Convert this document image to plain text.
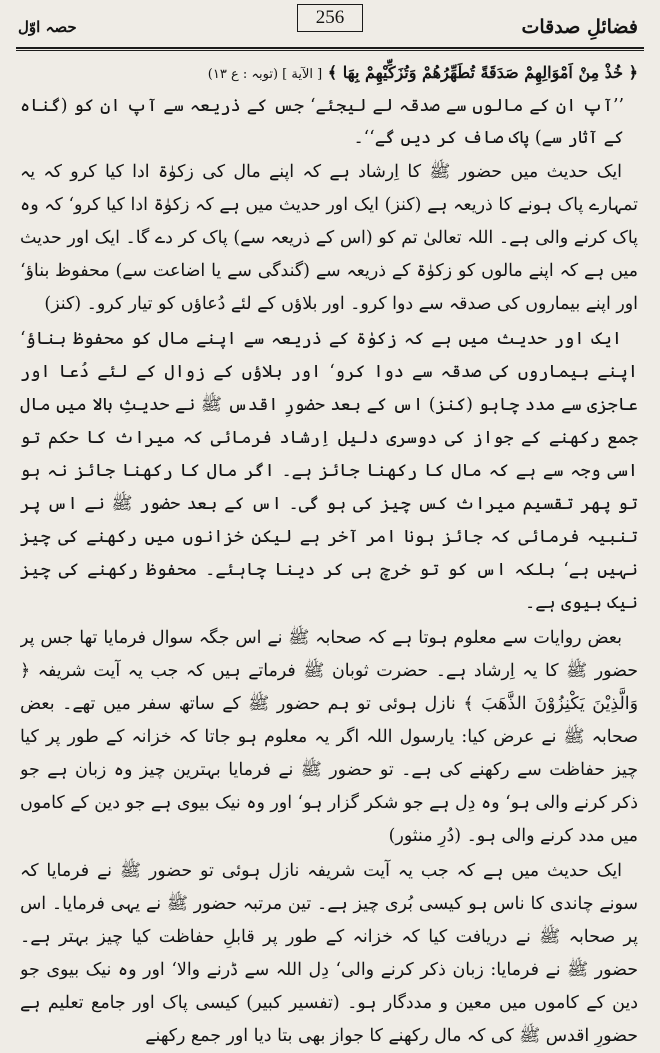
فضائلِ صدقات
حصہ اوّل	256

﴿ خُذْ مِنْ اَمْوَالِهِمْ صَدَقَةً تُطَهِّرُهُمْ وَتُزَكِّيْهِمْ بِهَا ﴾ [ الآية ] (توبہ : ع ١٣)

’’آپ ان کے مالوں سے صدقہ لے لیجئے‘ جس کے ذریعہ سے آپ ان کو (گناہ کے آثار سے) پاک صاف کر دیں گے‘‘۔

ایک حدیث میں حضور ﷺ کا اِرشاد ہے کہ اپنے مال کی زکوٰۃ ادا کیا کرو کہ یہ تمہارے پاک ہونے کا ذریعہ ہے (کنز) ایک اور حدیث میں ہے کہ زکوٰۃ ادا کیا کرو‘ کہ وہ پاک کرنے والی ہے۔ اللہ تعالیٰ تم کو (اس کے ذریعہ سے) پاک کر دے گا۔ ایک اور حدیث میں ہے کہ اپنے مالوں کو زکوٰۃ کے ذریعہ سے (گندگی سے یا اضاعت سے) محفوظ بناؤ‘ اور اپنے بیماروں کی صدقہ سے دوا کرو۔ اور بلاؤں کے لئے دُعاؤں کو تیار کرو۔ (کنز)

ایک اور حدیث میں ہے کہ زکوٰۃ کے ذریعہ سے اپنے مال کو محفوظ بناؤ‘ اپنے بیماروں کی صدقہ سے دوا کرو‘ اور بلاؤں کے زوال کے لئے دُعا اور عاجزی سے مدد چاہو (کنز) اس کے بعد حضورِ اقدس ﷺ نے حدیثِ بالا میں مال جمع رکھنے کے جواز کی دوسری دلیل اِرشاد فرمائی کہ میراث کا حکم تو اسی وجہ سے ہے کہ مال کا رکھنا جائز ہے۔ اگر مال کا رکھنا جائز نہ ہو تو پھر تقسیم میراث کس چیز کی ہو گی۔ اس کے بعد حضور ﷺ نے اس پر تنبیہ فرمائی کہ جائز ہونا امر آخر ہے لیکن خزانوں میں رکھنے کی چیز نہیں ہے‘ بلکہ اس کو تو خرچ ہی کر دینا چاہئے۔ محفوظ رکھنے کی چیز نیک بیوی ہے۔

بعض روایات سے معلوم ہوتا ہے کہ صحابہ ﷺ نے اس جگہ سوال فرمایا تھا جس پر حضور ﷺ کا یہ اِرشاد ہے۔ حضرت ثوبان ﷺ فرماتے ہیں کہ جب یہ آیت شریفہ ﴿ وَالَّذِيْنَ يَكْنِزُوْنَ الذَّهَبَ ﴾ نازل ہوئی تو ہم حضور ﷺ کے ساتھ سفر میں تھے۔ بعض صحابہ ﷺ نے عرض کیا: یارسول اللہ اگر یہ معلوم ہو جاتا کہ خزانہ کے طور پر کیا چیز حفاظت سے رکھنے کی ہے۔ تو حضور ﷺ نے فرمایا بہترین چیز وہ زبان ہے جو ذکر کرنے والی ہو‘ وہ دِل ہے جو شکر گزار ہو‘ اور وہ نیک بیوی ہے جو دین کے کاموں میں مدد کرنے والی ہو۔ (دُرِ منثور)

ایک حدیث میں ہے کہ جب یہ آیت شریفہ نازل ہوئی تو حضور ﷺ نے فرمایا کہ سونے چاندی کا ناس ہو کیسی بُری چیز ہے۔ تین مرتبہ حضور ﷺ نے یہی فرمایا۔ اس پر صحابہ ﷺ نے دریافت کیا کہ خزانہ کے طور پر قابلِ حفاظت کیا چیز بہتر ہے۔ حضور ﷺ نے فرمایا: زبان ذکر کرنے والی‘ دِل اللہ سے ڈرنے والا‘ اور وہ نیک بیوی جو دین کے کاموں میں معین و مددگار ہو۔ (تفسیر کبیر) کیسی پاک اور جامع تعلیم ہے حضورِ اقدس ﷺ کی کہ مال رکھنے کا جواز بھی بتا دیا اور جمع رکھنے
